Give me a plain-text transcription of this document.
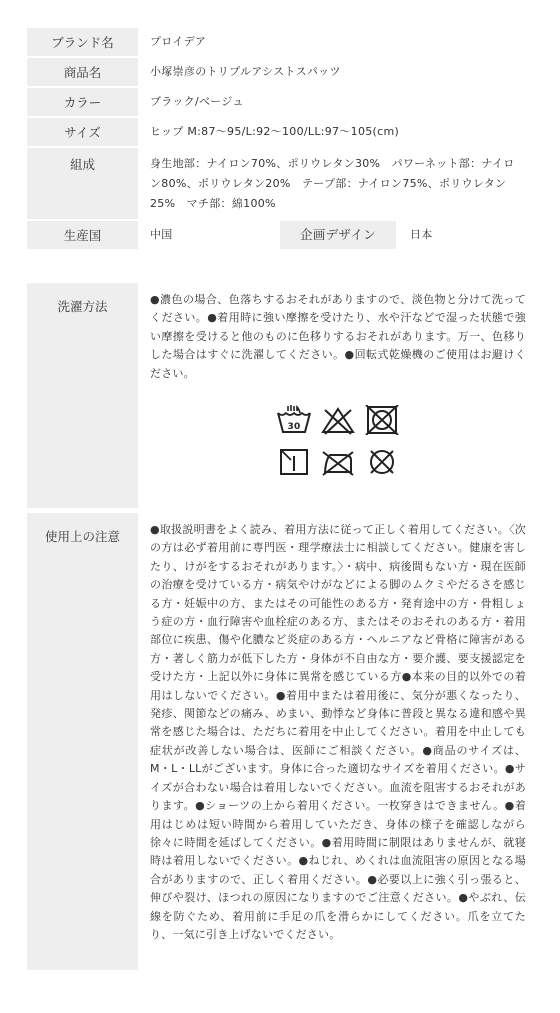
ブランド名	プロイデア
商品名	小塚崇彦のトリプルアシストスパッツ
カラー	ブラック/ベージュ
サイズ	ヒップ M:87〜95/L:92〜100/LL:97〜105(cm)
組成	身生地部：ナイロン70%、ポリウレタン30%　パワーネット部：ナイロン80%、ポリウレタン20%　テープ部：ナイロン75%、ポリウレタン25%　マチ部：綿100%
生産国	中国	企画デザイン	日本
洗濯方法	●濃色の場合、色落ちするおそれがありますので、淡色物と分けて洗ってください。●着用時に強い摩擦を受けたり、水や汗などで湿った状態で強い摩擦を受けると他のものに色移りするおそれがあります。万一、色移りした場合はすぐに洗濯してください。●回転式乾燥機のご使用はお避けください。
30
使用上の注意	●取扱説明書をよく読み、着用方法に従って正しく着用してください。〈次の方は必ず着用前に専門医・理学療法士に相談してください。健康を害したり、けがをするおそれがあります。〉・病中、病後間もない方・現在医師の治療を受けている方・病気やけがなどによる脚のムクミやだるさを感じる方・妊娠中の方、またはその可能性のある方・発育途中の方・骨粗しょう症の方・血行障害や血栓症のある方、またはそのおそれのある方・着用部位に疾患、傷や化膿など炎症のある方・ヘルニアなど骨格に障害がある方・著しく筋力が低下した方・身体が不自由な方・要介護、要支援認定を受けた方・上記以外に身体に異常を感じている方●本来の目的以外での着用はしないでください。●着用中または着用後に、気分が悪くなったり、発疹、関節などの痛み、めまい、動悸など身体に普段と異なる違和感や異常を感じた場合は、ただちに着用を中止してください。着用を中止しても症状が改善しない場合は、医師にご相談ください。●商品のサイズは、M・L・LLがございます。身体に合った適切なサイズを着用ください。●サイズが合わない場合は着用しないでください。血流を阻害するおそれがあります。●ショーツの上から着用ください。一枚穿きはできません。●着用はじめは短い時間から着用していただき、身体の様子を確認しながら徐々に時間を延ばしてください。●着用時間に制限はありませんが、就寝時は着用しないでください。●ねじれ、めくれは血流阻害の原因となる場合がありますので、正しく着用ください。●必要以上に強く引っ張ると、伸びや裂け、ほつれの原因になりますのでご注意ください。●やぶれ、伝線を防ぐため、着用前に手足の爪を滑らかにしてください。爪を立てたり、一気に引き上げないでください。
